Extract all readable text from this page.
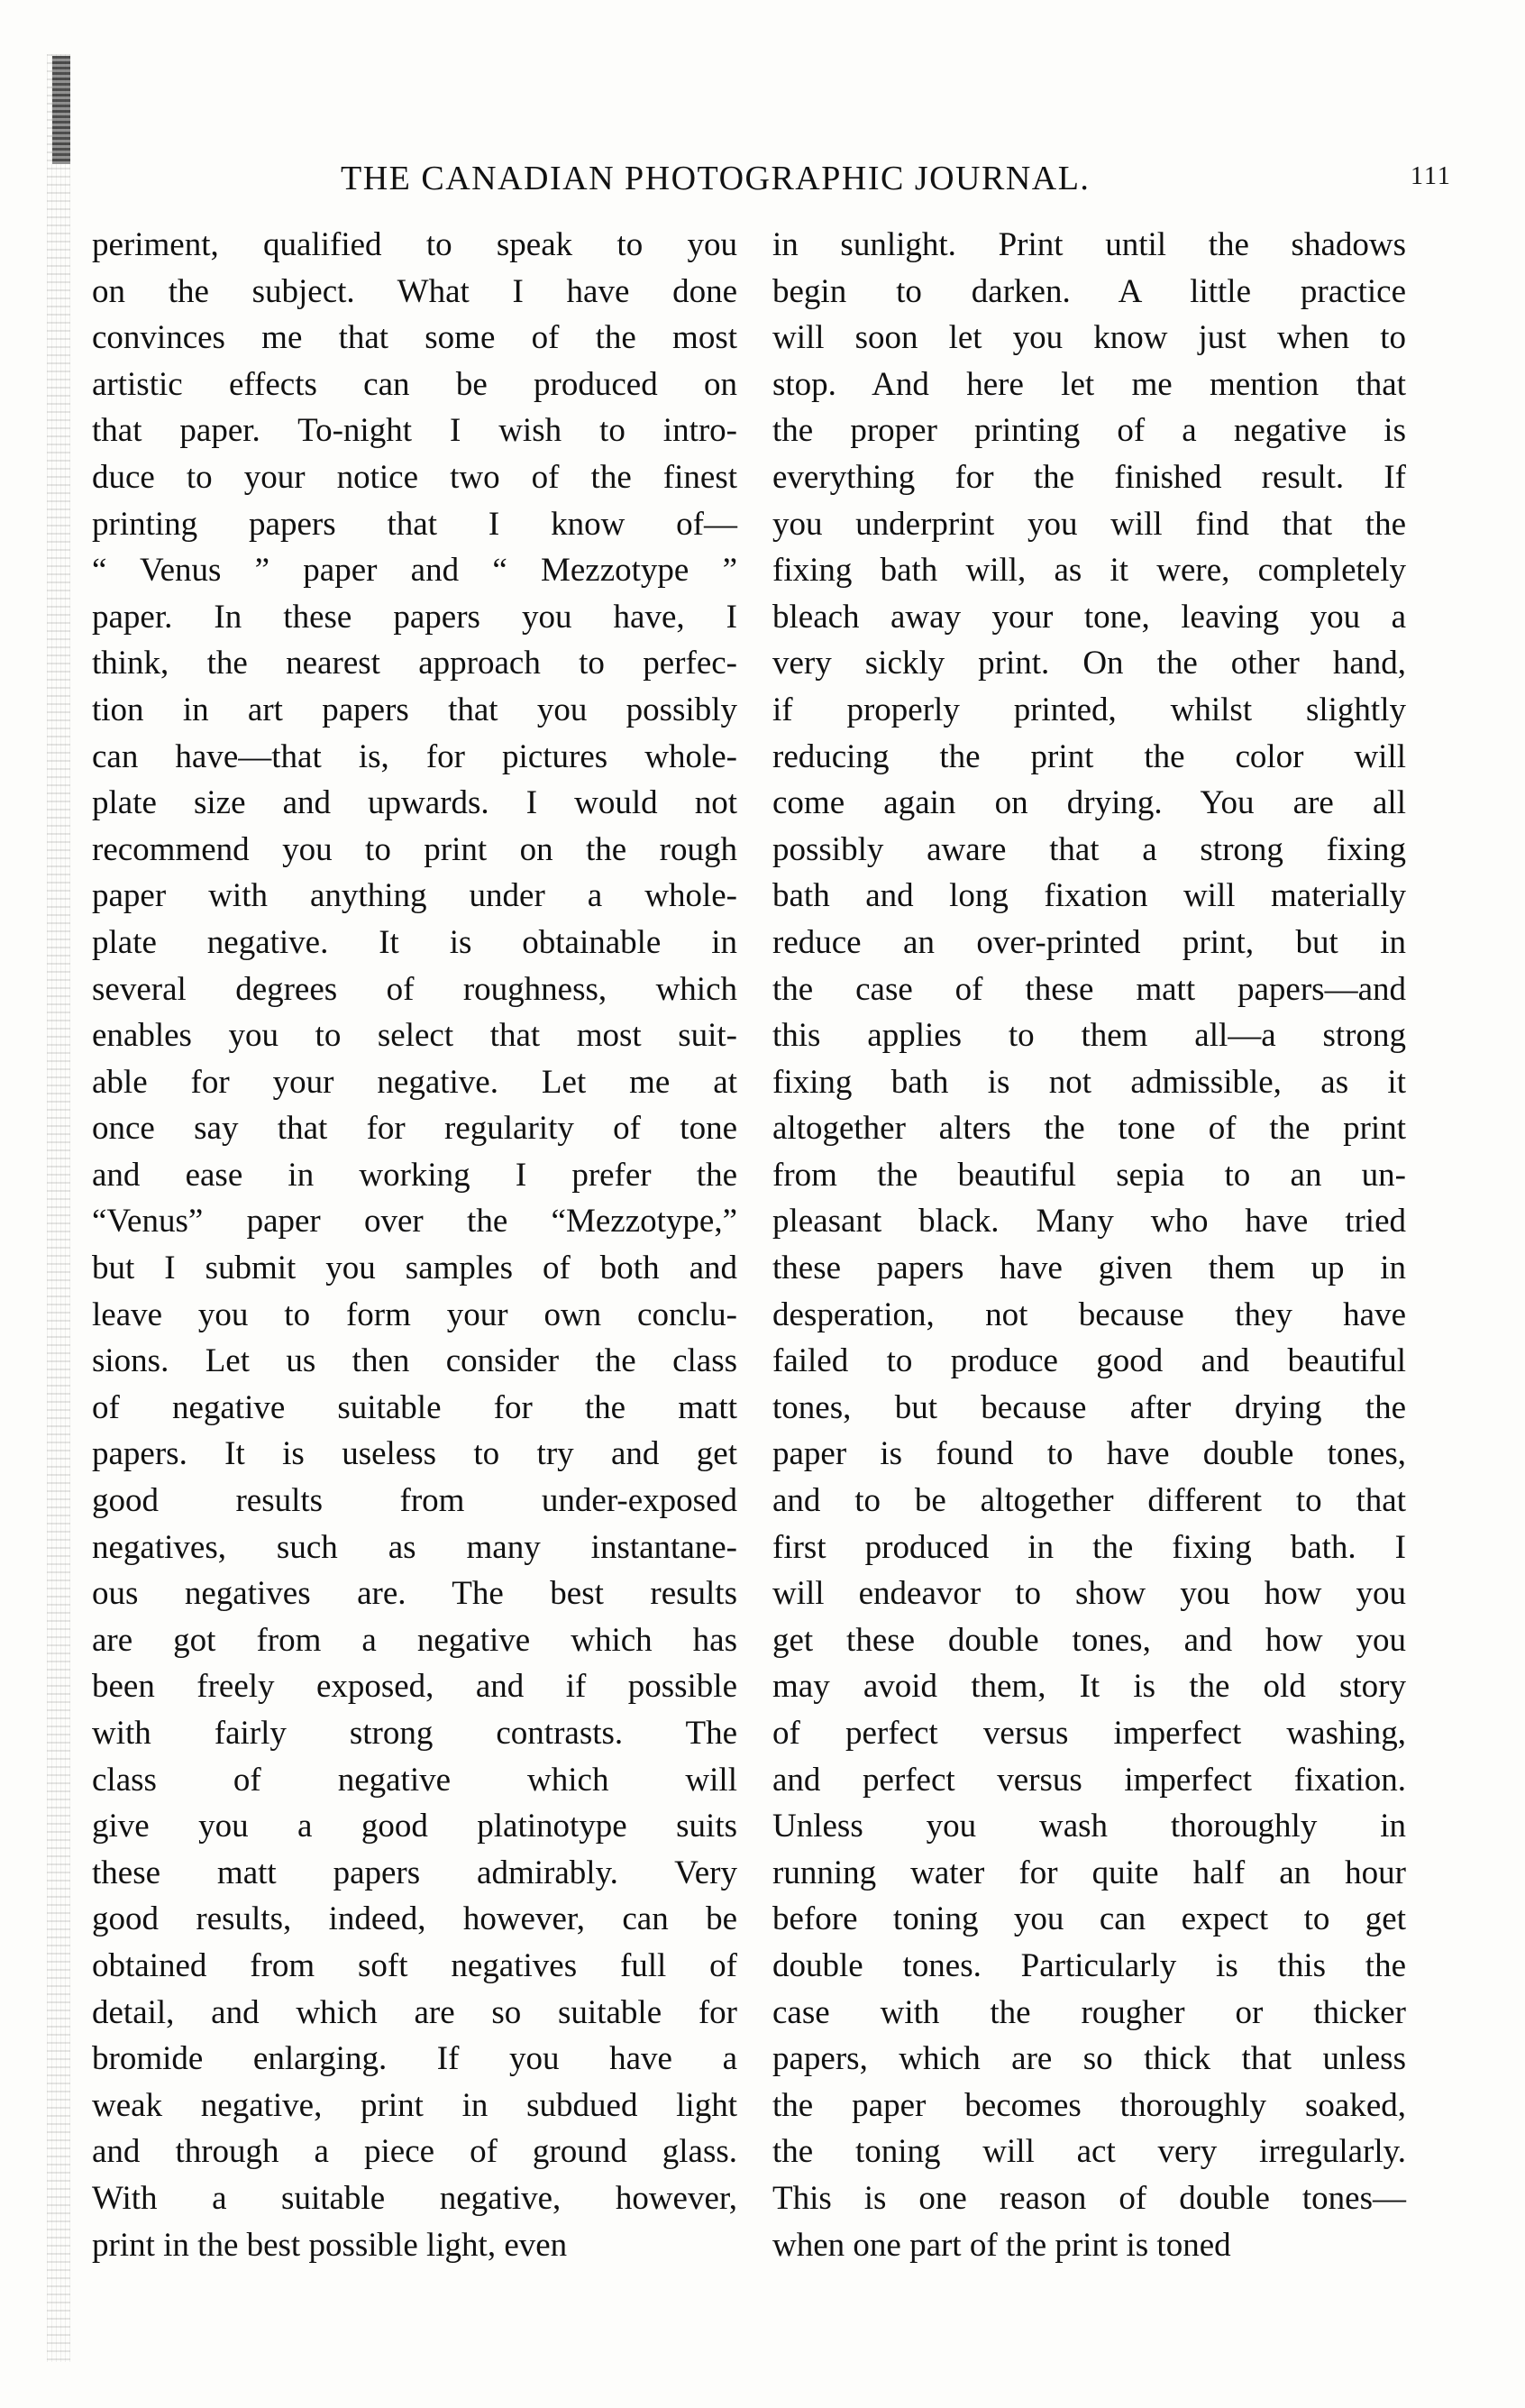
THE CANADIAN PHOTOGRAPHIC JOURNAL.	111
periment, qualified to speak to you
on the subject. What I have done
convinces me that some of the most
artistic effects can be produced on
that paper. To-night I wish to intro-
duce to your notice two of the finest
printing papers that I know of—
“ Venus ” paper and “ Mezzotype ”
paper. In these papers you have, I
think, the nearest approach to perfec-
tion in art papers that you possibly
can have—that is, for pictures whole-
plate size and upwards. I would not
recommend you to print on the rough
paper with anything under a whole-
plate negative. It is obtainable in
several degrees of roughness, which
enables you to select that most suit-
able for your negative. Let me at
once say that for regularity of tone
and ease in working I prefer the
“Venus” paper over the “Mezzotype,”
but I submit you samples of both and
leave you to form your own conclu-
sions. Let us then consider the class
of negative suitable for the matt
papers. It is useless to try and get
good results from under-exposed
negatives, such as many instantane-
ous negatives are. The best results
are got from a negative which has
been freely exposed, and if possible
with fairly strong contrasts. The
class of negative which will
give you a good platinotype suits
these matt papers admirably. Very
good results, indeed, however, can be
obtained from soft negatives full of
detail, and which are so suitable for
bromide enlarging. If you have a
weak negative, print in subdued light
and through a piece of ground glass.
With a suitable negative, however,
print in the best possible light, even
in sunlight. Print until the shadows
begin to darken. A little practice
will soon let you know just when to
stop. And here let me mention that
the proper printing of a negative is
everything for the finished result. If
you underprint you will find that the
fixing bath will, as it were, completely
bleach away your tone, leaving you a
very sickly print. On the other hand,
if properly printed, whilst slightly
reducing the print the color will
come again on drying. You are all
possibly aware that a strong fixing
bath and long fixation will materially
reduce an over-printed print, but in
the case of these matt papers—and
this applies to them all—a strong
fixing bath is not admissible, as it
altogether alters the tone of the print
from the beautiful sepia to an un-
pleasant black. Many who have tried
these papers have given them up in
desperation, not because they have
failed to produce good and beautiful
tones, but because after drying the
paper is found to have double tones,
and to be altogether different to that
first produced in the fixing bath. I
will endeavor to show you how you
get these double tones, and how you
may avoid them, It is the old story
of perfect versus imperfect washing,
and perfect versus imperfect fixation.
Unless you wash thoroughly in
running water for quite half an hour
before toning you can expect to get
double tones. Particularly is this the
case with the rougher or thicker
papers, which are so thick that unless
the paper becomes thoroughly soaked,
the toning will act very irregularly.
This is one reason of double tones—
when one part of the print is toned
